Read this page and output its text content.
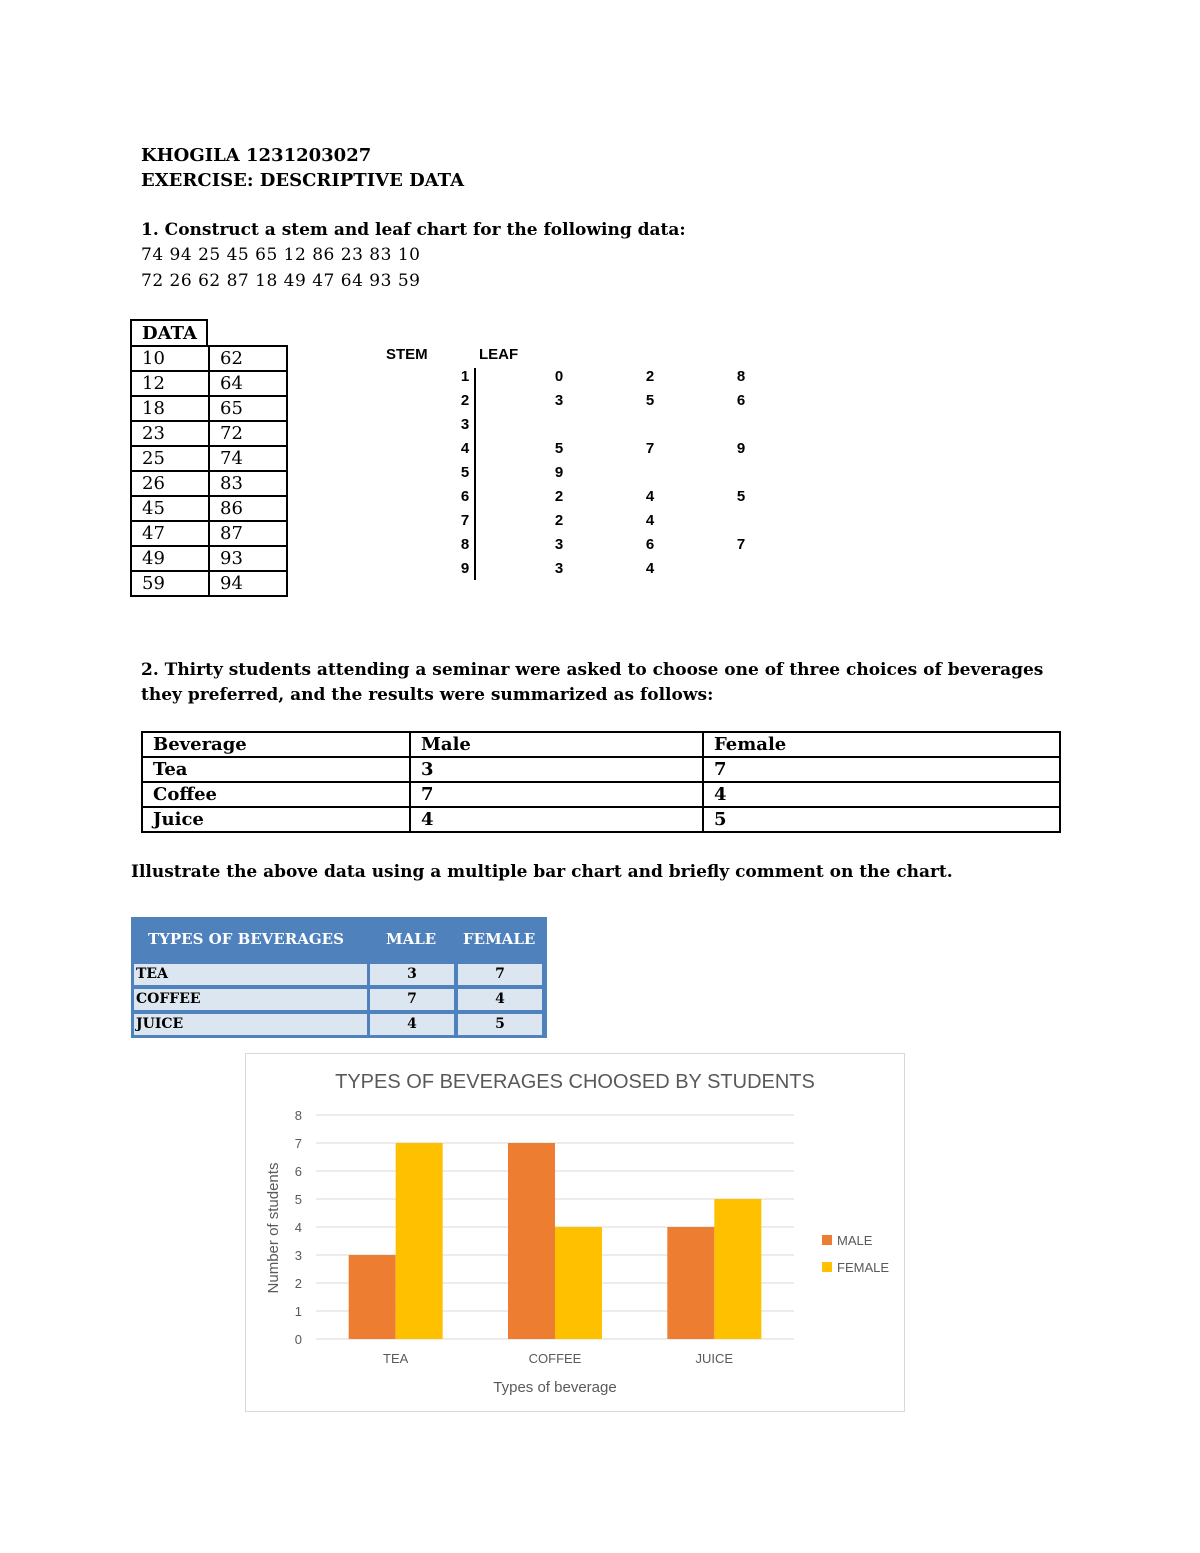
KHOGILA 1231203027
EXERCISE: DESCRIPTIVE DATA
1. Construct a stem and leaf chart for the following data:
74 94 25 45 65 12 86 23 83 10
72 26 62 87 18 49 47 64 93 59
DATA
10	62
12	64
18	65
23	72
25	74
26	83
45	86
47	87
49	93
59	94
STEM	LEAF
1	0	2	8
2	3	5	6
3
4	5	7	9
5	9
6	2	4	5
7	2	4
8	3	6	7
9	3	4
2. Thirty students attending a seminar were asked to choose one of three choices of beverages
they preferred, and the results were summarized as follows:
Beverage	Male	Female
Tea	3	7
Coffee	7	4
Juice	4	5
Illustrate the above data using a multiple bar chart and briefly comment on the chart.
TYPES OF BEVERAGES	MALE FEMALE
TEA	3	7
COFFEE	7	4
JUICE	4	5
TYPES OF BEVERAGES CHOOSED BY STUDENTS
0
1
2
3
4
5
6
7
8
TEA	COFFEE	JUICE
Types of beverage
Number of students	MALE
FEMALE
